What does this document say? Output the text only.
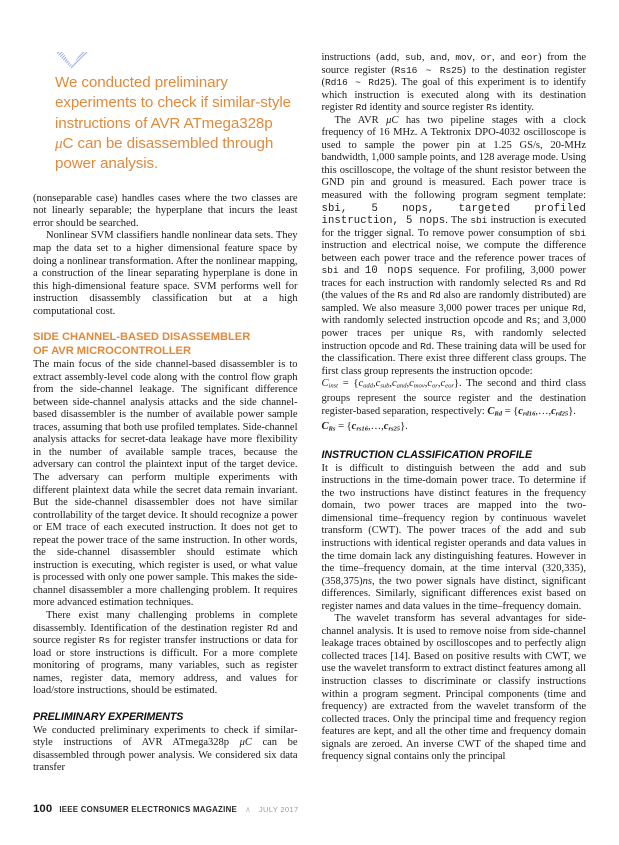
We conducted preliminary
experiments to check if similar-style
instructions of AVR ATmega328p
μC can be disassembled through
power analysis.

(nonseparable case) handles cases where the two classes are not linearly separable; the hyperplane that incurs the least error should be searched.

Nonlinear SVM classifiers handle nonlinear data sets. They map the data set to a higher dimensional feature space by doing a nonlinear transformation. After the nonlinear mapping, a construction of the linear separating hyperplane is done in this high-dimensional feature space. SVM performs well for instruction disassembly classification but at a high computational cost.

SIDE CHANNEL-BASED DISASSEMBLER
OF AVR MICROCONTROLLER

The main focus of the side channel-based disassembler is to extract assembly-level code along with the control flow graph from the side-channel leakage. The significant difference between side-channel analysis attacks and the side channel-based disassembler is the number of available power sample traces, assuming that both use profiled templates. Side-channel analysis attacks for secret-data leakage have more flexibility in the number of available sample traces, because the adversary can control the plaintext input of the target device. The adversary can perform multiple experiments with different plaintext data while the secret data remain invariant. But the side-channel disassembler does not have similar controllability of the target device. It should recognize a power or EM trace of each executed instruction. It does not get to repeat the power trace of the same instruction. In other words, the side-channel disassembler should estimate which instruction is executing, which register is used, or what value is processed with only one power sample. This makes the side-channel disassembler a more challenging problem. It requires more advanced estimation techniques.

There exist many challenging problems in complete disassembly. Identification of the destination register Rd and source register Rs for register transfer instructions or data for load or store instructions is difficult. For a more complete monitoring of programs, many variables, such as register names, register data, memory address, and values for load/store instructions, should be estimated.

PRELIMINARY EXPERIMENTS

We conducted preliminary experiments to check if similar-style instructions of AVR ATmega328p μC can be disassembled through power analysis. We considered six data transfer

instructions (add, sub, and, mov, or, and eor) from the source register (Rs16 ~ Rs25) to the destination register (Rd16 ~ Rd25). The goal of this experiment is to identify which instruction is executed along with its destination register Rd identity and source register Rs identity.

The AVR μC has two pipeline stages with a clock frequency of 16 MHz. A Tektronix DPO-4032 oscilloscope is used to sample the power pin at 1.25 GS/s, 20-MHz bandwidth, 1,000 sample points, and 128 average mode. Using this oscilloscope, the voltage of the shunt resistor between the GND pin and ground is measured. Each power trace is measured with the following program segment template: sbi, 5 nops, targeted profiled instruction, 5 nops. The sbi instruction is executed for the trigger signal. To remove power consumption of sbi instruction and electrical noise, we compute the difference between each power trace and the reference power traces of sbi and 10 nops sequence. For profiling, 3,000 power traces for each instruction with randomly selected Rs and Rd (the values of the Rs and Rd also are randomly distributed) are sampled. We also measure 3,000 power traces per unique Rd, with randomly selected instruction opcode and Rs; and 3,000 power traces per unique Rs, with randomly selected instruction opcode and Rd. These training data will be used for the classification. There exist three different class groups. The first class group represents the instruction opcode:

$C_{inst} = \{c_{add},c_{sub},c_{and},c_{mov},c_{or},c_{eor}\}$. The second and third class groups represent the source register and the destination register-based separation, respectively: $C_{Rd}$ = $\{c_{rd16},\dots,c_{rd25}\}$.
$C_{Rs}$ = $\{c_{rs16},\dots,c_{rs25}\}$.

INSTRUCTION CLASSIFICATION PROFILE

It is difficult to distinguish between the add and sub instructions in the time-domain power trace. To determine if the two instructions have distinct features in the frequency domain, two power traces are mapped into the two-dimensional time–frequency region by continuous wavelet transform (CWT). The power traces of the add and sub instructions with identical register operands and data values in the time domain lack any distinguishing features. However in the time–frequency domain, at the time interval (320,335),(358,375)ns, the two power signals have distinct, significant differences. Similarly, significant differences exist based on register names and data values in the time–frequency domain.

The wavelet transform has several advantages for side-channel analysis. It is used to remove noise from side-channel leakage traces obtained by oscilloscopes and to perfectly align collected traces [14]. Based on positive results with CWT, we use the wavelet transform to extract distinct features among all instruction classes to discriminate or classify instructions within a program segment. Principal components (time and frequency) are extracted from the wavelet transform of the collected traces. Only the principal time and frequency region features are kept, and all the other time and frequency domain signals are zeroed. An inverse CWT of the shaped time and frequency signal contains only the principal

100 IEEE CONSUMER ELECTRONICS MAGAZINE ∧ JULY 2017
